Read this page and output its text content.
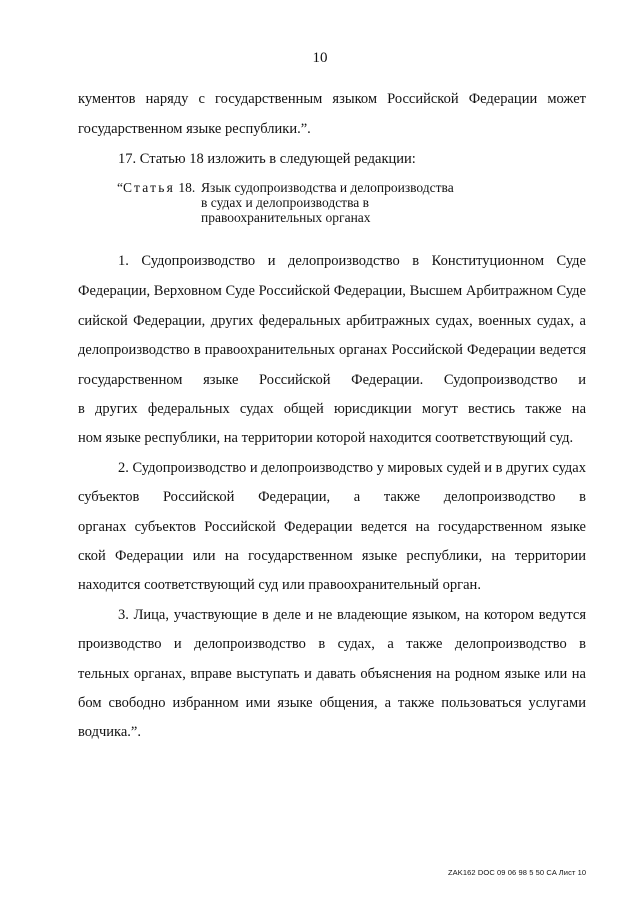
10
кументов наряду с государственным языком Российской Федерации может
государственном языке республики.”.
17. Статью 18 изложить в следующей редакции:
“Статья 18. Язык судопроизводства и делопроизводства
в судах и делопроизводства в
правоохранительных органах
1. Судопроизводство и делопроизводство в Конституционном Суде
Федерации, Верховном Суде Российской Федерации, Высшем Арбитражном Суде
сийской Федерации, других федеральных арбитражных судах, военных судах, а
делопроизводство в правоохранительных органах Российской Федерации ведется
государственном языке Российской Федерации. Судопроизводство и
в других федеральных судах общей юрисдикции могут вестись также на
ном языке республики, на территории которой находится соответствующий суд.
2. Судопроизводство и делопроизводство у мировых судей и в других судах
субъектов Российской Федерации, а также делопроизводство в
органах субъектов Российской Федерации ведется на государственном языке
ской Федерации или на государственном языке республики, на территории
находится соответствующий суд или правоохранительный орган.
3. Лица, участвующие в деле и не владеющие языком, на котором ведутся
производство и делопроизводство в судах, а также делопроизводство в
тельных органах, вправе выступать и давать объяснения на родном языке или на
бом свободно избранном ими языке общения, а также пользоваться услугами
водчика.”.
ZAK162 DOC 09 06 98 5 50 CA Лист 10
